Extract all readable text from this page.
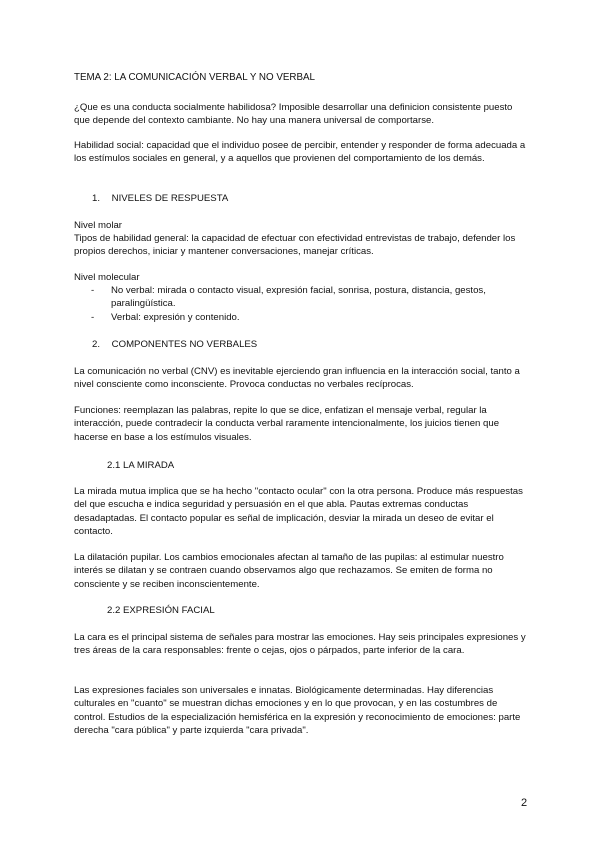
TEMA 2: LA COMUNICACIÓN VERBAL Y NO VERBAL

¿Que es una conducta socialmente habilidosa? Imposible desarrollar una definicion consistente puesto que depende del contexto cambiante. No hay una manera universal de comportarse.

Habilidad social: capacidad que el individuo posee de percibir, entender y responder de forma adecuada a los estímulos sociales en general, y a aquellos que provienen del comportamiento de los demás.

1. NIVELES DE RESPUESTA

Nivel molar

Tipos de habilidad general: la capacidad de efectuar con efectividad entrevistas de trabajo, defender los propios derechos, iniciar y mantener conversaciones, manejar críticas.

Nivel molecular

- No verbal: mirada o contacto visual, expresión facial, sonrisa, postura, distancia, gestos, paralingüística.
- Verbal: expresión y contenido.
2. COMPONENTES NO VERBALES

La comunicación no verbal (CNV) es inevitable ejerciendo gran influencia en la interacción social, tanto a nivel consciente como inconsciente. Provoca conductas no verbales recíprocas.

Funciones: reemplazan las palabras, repite lo que se dice, enfatizan el mensaje verbal, regular la interacción, puede contradecir la conducta verbal raramente intencionalmente, los juicios tienen que hacerse en base a los estímulos visuales.

2.1 LA MIRADA

La mirada mutua implica que se ha hecho "contacto ocular" con la otra persona. Produce más respuestas del que escucha e indica seguridad y persuasión en el que abla. Pautas extremas conductas desadaptadas. El contacto popular es señal de implicación, desviar la mirada un deseo de evitar el contacto.

La dilatación pupilar. Los cambios emocionales afectan al tamaño de las pupilas: al estimular nuestro interés se dilatan y se contraen cuando observamos algo que rechazamos. Se emiten de forma no consciente y se reciben inconscientemente.

2.2 EXPRESIÓN FACIAL

La cara es el principal sistema de señales para mostrar las emociones. Hay seis principales expresiones y tres áreas de la cara responsables: frente o cejas, ojos o párpados, parte inferior de la cara.

Las expresiones faciales son universales e innatas. Biológicamente determinadas. Hay diferencias culturales en "cuanto" se muestran dichas emociones y en lo que provocan, y en las costumbres de control. Estudios de la especialización hemisférica en la expresión y reconocimiento de emociones: parte derecha "cara pública" y parte izquierda "cara privada".

2
